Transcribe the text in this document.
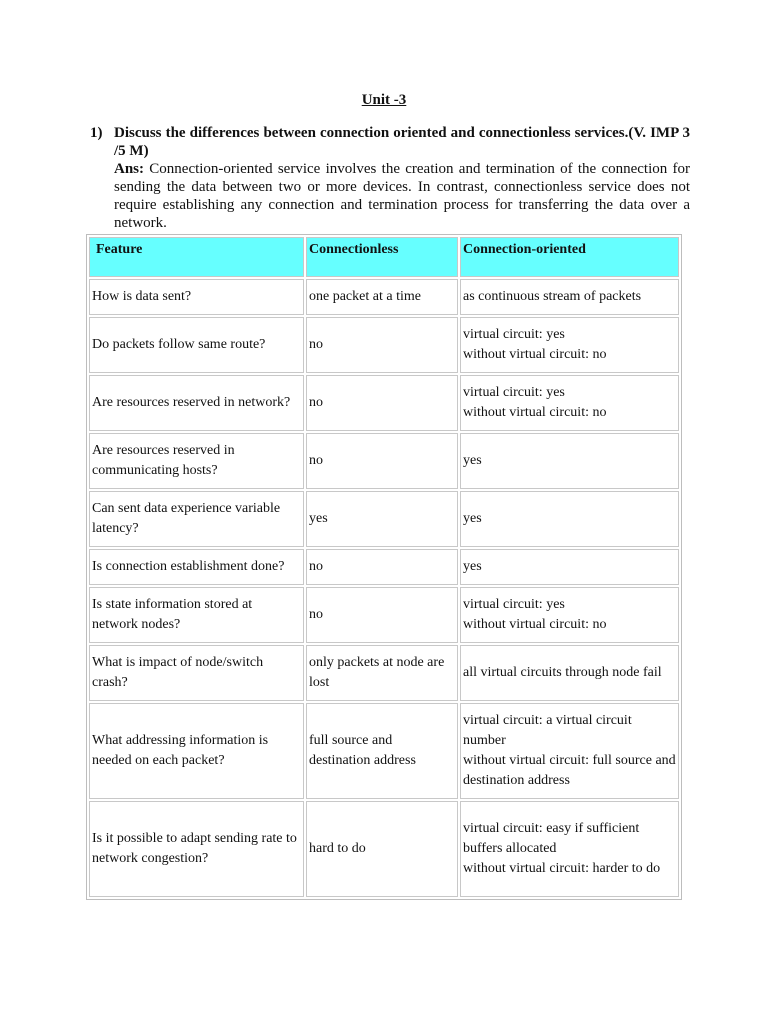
Unit -3
1) Discuss the differences between connection oriented and connectionless services.(V. IMP 3 /5 M)
Ans: Connection-oriented service involves the creation and termination of the connection for sending the data between two or more devices. In contrast, connectionless service does not require establishing any connection and termination process for transferring the data over a network.
Feature	Connectionless	Connection-oriented
How is data sent?	one packet at a time	as continuous stream of packets

Do packets follow same route?	no	virtual circuit: yes
without virtual circuit: no

Are resources reserved in network?	no	virtual circuit: yes
without virtual circuit: no

Are resources reserved in communicating hosts?	no	yes

Can sent data experience variable latency?	yes	yes

Is connection establishment done?	no	yes

Is state information stored at network nodes?	no	virtual circuit: yes
without virtual circuit: no

What is impact of node/switch crash?	only packets at node are lost	all virtual circuits through node fail

What addressing information is needed on each packet?	full source and destination address	virtual circuit: a virtual circuit number
without virtual circuit: full source and destination address

Is it possible to adapt sending rate to network congestion?	hard to do	virtual circuit: easy if sufficient buffers allocated
without virtual circuit: harder to do
